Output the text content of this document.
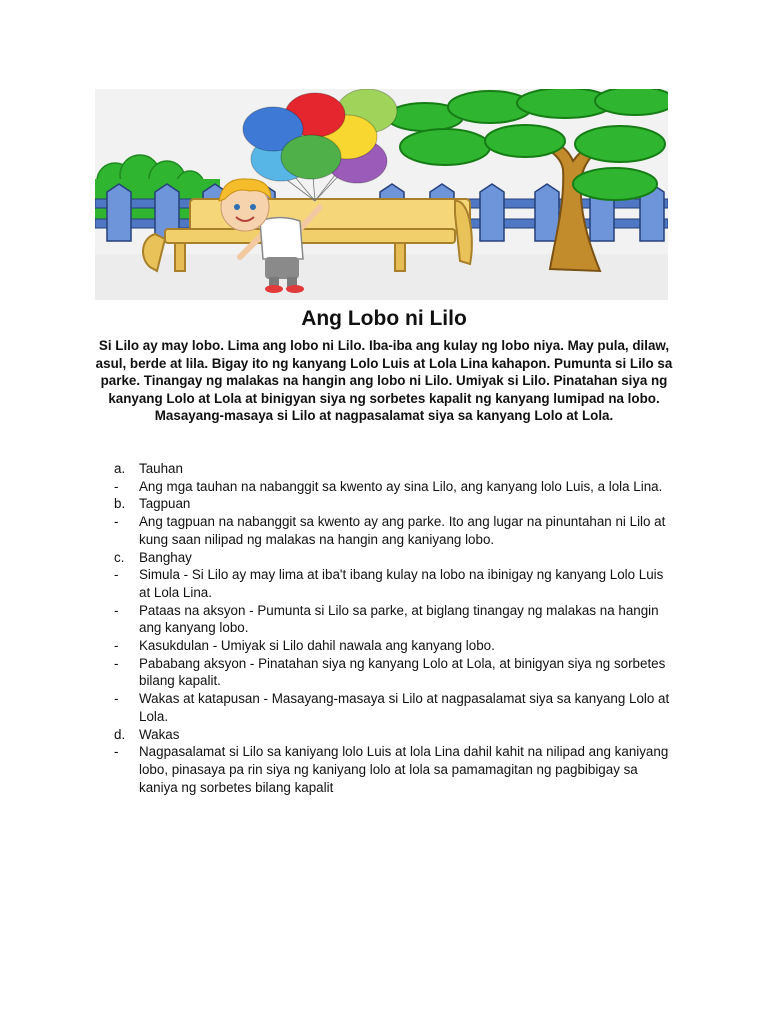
Ang Lobo ni Lilo

Si Lilo ay may lobo. Lima ang lobo ni Lilo. Iba-iba ang kulay ng lobo niya. May pula, dilaw, asul, berde at lila. Bigay ito ng kanyang Lolo Luis at Lola Lina kahapon. Pumunta si Lilo sa parke. Tinangay ng malakas na hangin ang lobo ni Lilo. Umiyak si Lilo. Pinatahan siya ng kanyang Lolo at Lola at binigyan siya ng sorbetes kapalit ng kanyang lumipad na lobo. Masayang-masaya si Lilo at nagpasalamat siya sa kanyang Lolo at Lola.

a.	Tauhan
-	Ang mga tauhan na nabanggit sa kwento ay sina Lilo, ang kanyang lolo Luis, a lola Lina.
b.	Tagpuan
-	Ang tagpuan na nabanggit sa kwento ay ang parke. Ito ang lugar na pinuntahan ni Lilo at kung saan nilipad ng malakas na hangin ang kaniyang lobo.
c.	Banghay
-	Simula - Si Lilo ay may lima at iba't ibang kulay na lobo na ibinigay ng kanyang Lolo Luis at Lola Lina.
-	Pataas na aksyon - Pumunta si Lilo sa parke, at biglang tinangay ng malakas na hangin ang kanyang lobo.
-	Kasukdulan - Umiyak si Lilo dahil nawala ang kanyang lobo.
-	Pababang aksyon - Pinatahan siya ng kanyang Lolo at Lola, at binigyan siya ng sorbetes bilang kapalit.
-	Wakas at katapusan - Masayang-masaya si Lilo at nagpasalamat siya sa kanyang Lolo at Lola.
d.	Wakas
-	Nagpasalamat si Lilo sa kaniyang lolo Luis at lola Lina dahil kahit na nilipad ang kaniyang lobo, pinasaya pa rin siya ng kaniyang lolo at lola sa pamamagitan ng pagbibigay sa kaniya ng sorbetes bilang kapalit
